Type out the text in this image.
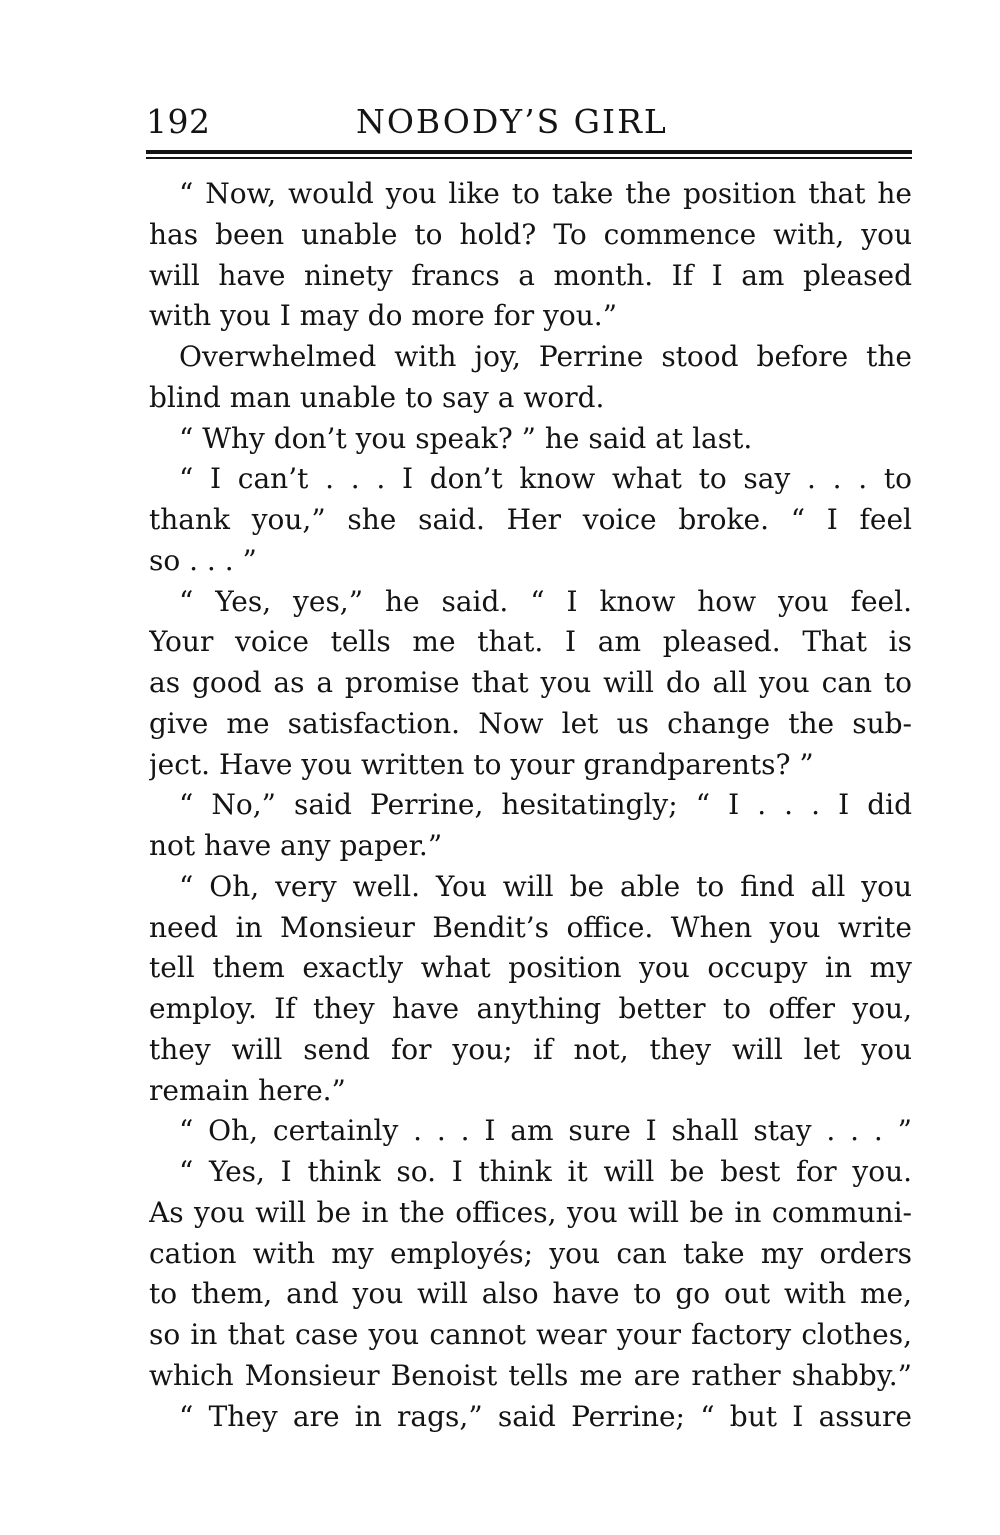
192	NOBODY’S GIRL
“ Now, would you like to take the position that he
has been unable to hold? To commence with, you
will have ninety francs a month. If I am pleased
with you I may do more for you.”
Overwhelmed with joy, Perrine stood before the
blind man unable to say a word.
“ Why don’t you speak? ” he said at last.
“ I can’t . . . I don’t know what to say . . . to
thank you,” she said. Her voice broke. “ I feel
so . . . ”
“ Yes, yes,” he said. “ I know how you feel.
Your voice tells me that. I am pleased. That is
as good as a promise that you will do all you can to
give me satisfaction. Now let us change the sub-
ject. Have you written to your grandparents? ”
“ No,” said Perrine, hesitatingly; “ I . . . I did
not have any paper.”
“ Oh, very well. You will be able to find all you
need in Monsieur Bendit’s office. When you write
tell them exactly what position you occupy in my
employ. If they have anything better to offer you,
they will send for you; if not, they will let you
remain here.”
“ Oh, certainly . . . I am sure I shall stay . . . ”
“ Yes, I think so. I think it will be best for you.
As you will be in the offices, you will be in communi-
cation with my employés; you can take my orders
to them, and you will also have to go out with me,
so in that case you cannot wear your factory clothes,
which Monsieur Benoist tells me are rather shabby.”
“ They are in rags,” said Perrine; “ but I assure
